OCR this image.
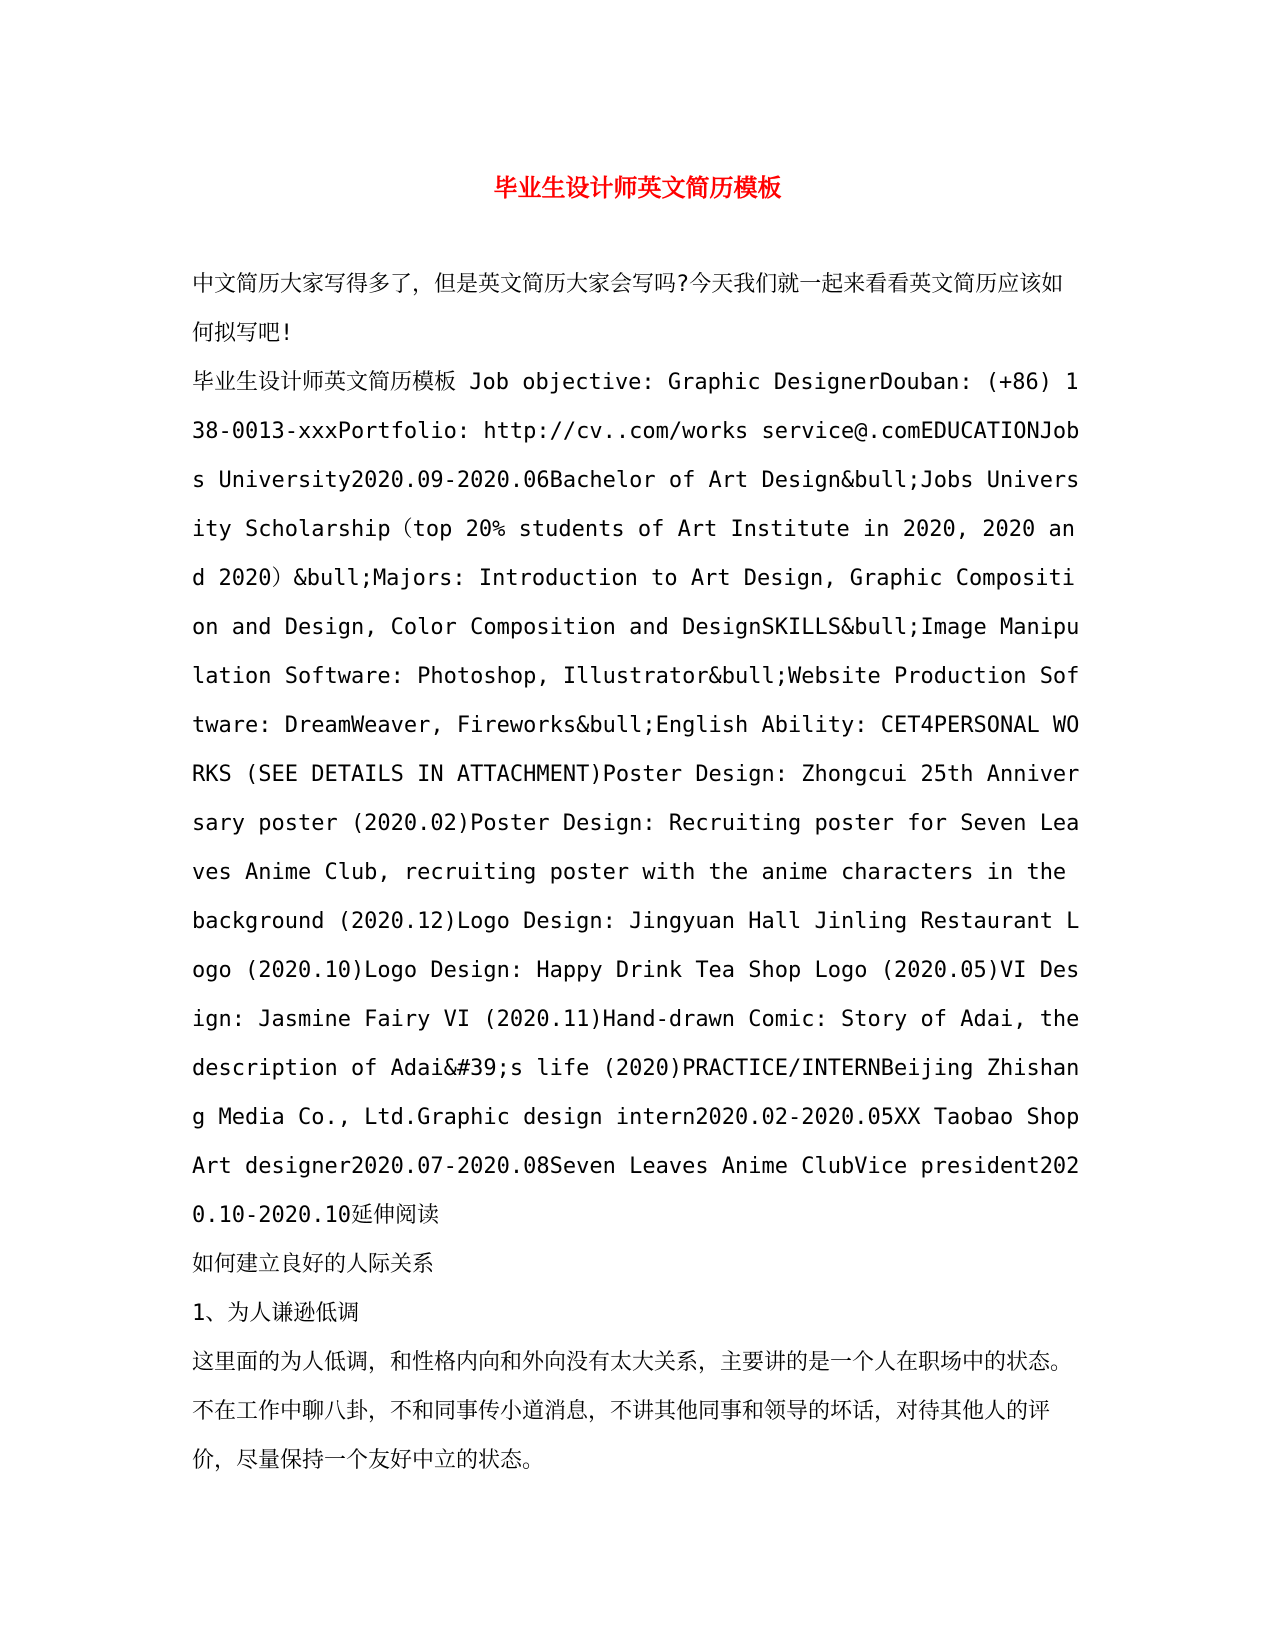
毕业生设计师英文简历模板

中文简历大家写得多了，但是英文简历大家会写吗?今天我们就一起来看看英文简历应该如何拟写吧!

毕业生设计师英文简历模板 Job objective: Graphic DesignerDouban: (+86) 138-0013-xxxPortfolio: http://cv..com/works service@.comEDUCATIONJobs University2020.09-2020.06Bachelor of Art Design&bull;Jobs University Scholarship（top 20% students of Art Institute in 2020, 2020 and 2020）&bull;Majors: Introduction to Art Design, Graphic Composition and Design, Color Composition and DesignSKILLS&bull;Image Manipulation Software: Photoshop, Illustrator&bull;Website Production Software: DreamWeaver, Fireworks&bull;English Ability: CET4PERSONAL WORKS (SEE DETAILS IN ATTACHMENT)Poster Design: Zhongcui 25th Anniversary poster (2020.02)Poster Design: Recruiting poster for Seven Leaves Anime Club, recruiting poster with the anime characters in the background (2020.12)Logo Design: Jingyuan Hall Jinling Restaurant Logo (2020.10)Logo Design: Happy Drink Tea Shop Logo (2020.05)VI Design: Jasmine Fairy VI (2020.11)Hand-drawn Comic: Story of Adai, the description of Adai&#39;s life (2020)PRACTICE/INTERNBeijing Zhishang Media Co., Ltd.Graphic design intern2020.02-2020.05XX Taobao ShopArt designer2020.07-2020.08Seven Leaves Anime ClubVice president2020.10-2020.10延伸阅读

如何建立良好的人际关系

1、为人谦逊低调

这里面的为人低调，和性格内向和外向没有太大关系，主要讲的是一个人在职场中的状态。不在工作中聊八卦，不和同事传小道消息，不讲其他同事和领导的坏话，对待其他人的评价，尽量保持一个友好中立的状态。
